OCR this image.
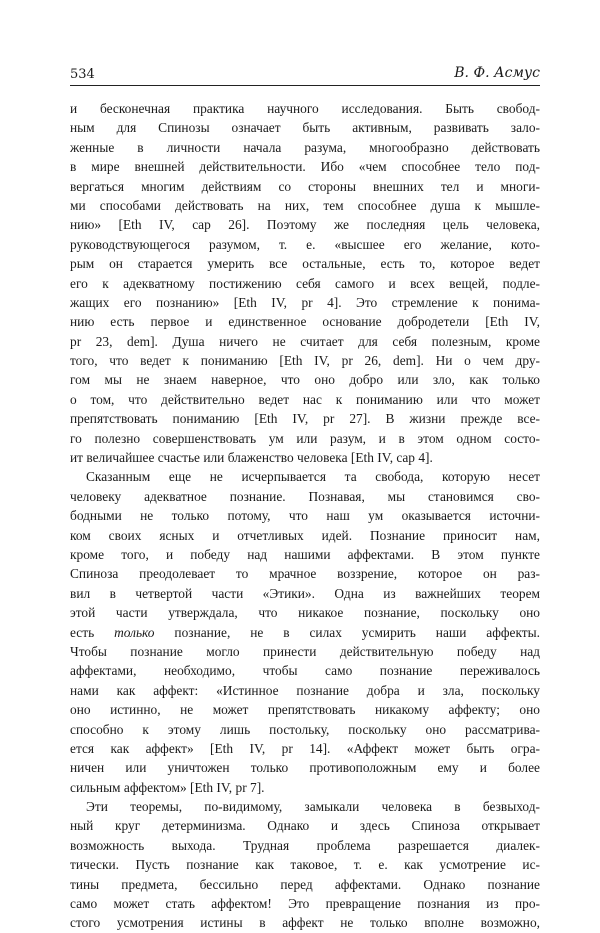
534	В. Ф. Асмус
и бесконечная практика научного исследования. Быть свобод-
ным для Спинозы означает быть активным, развивать зало-
женные в личности начала разума, многообразно действовать
в мире внешней действительности. Ибо «чем способнее тело под-
вергаться многим действиям со стороны внешних тел и многи-
ми способами действовать на них, тем способнее душа к мышле-
нию» [Eth IV, cap 26]. Поэтому же последняя цель человека,
руководствующегося разумом, т. е. «высшее его желание, кото-
рым он старается умерить все остальные, есть то, которое ведет
его к адекватному постижению себя самого и всех вещей, подле-
жащих его познанию» [Eth IV, pr 4]. Это стремление к понима-
нию есть первое и единственное основание добродетели [Eth IV,
pr 23, dem]. Душа ничего не считает для себя полезным, кроме
того, что ведет к пониманию [Eth IV, pr 26, dem]. Ни о чем дру-
гом мы не знаем наверное, что оно добро или зло, как только
о том, что действительно ведет нас к пониманию или что может
препятствовать пониманию [Eth IV, pr 27]. В жизни прежде все-
го полезно совершенствовать ум или разум, и в этом одном состо-
ит величайшее счастье или блаженство человека [Eth IV, cap 4].
Сказанным еще не исчерпывается та свобода, которую несет
человеку адекватное познание. Познавая, мы становимся сво-
бодными не только потому, что наш ум оказывается источни-
ком своих ясных и отчетливых идей. Познание приносит нам,
кроме того, и победу над нашими аффектами. В этом пункте
Спиноза преодолевает то мрачное воззрение, которое он раз-
вил в четвертой части «Этики». Одна из важнейших теорем
этой части утверждала, что никакое познание, поскольку оно
есть только познание, не в силах усмирить наши аффекты.
Чтобы познание могло принести действительную победу над
аффектами, необходимо, чтобы само познание переживалось
нами как аффект: «Истинное познание добра и зла, поскольку
оно истинно, не может препятствовать никакому аффекту; оно
способно к этому лишь постольку, поскольку оно рассматрива-
ется как аффект» [Eth IV, pr 14]. «Аффект может быть огра-
ничен или уничтожен только противоположным ему и более
сильным аффектом» [Eth IV, pr 7].
Эти теоремы, по-видимому, замыкали человека в безвыход-
ный круг детерминизма. Однако и здесь Спиноза открывает
возможность выхода. Трудная проблема разрешается диалек-
тически. Пусть познание как таковое, т. е. как усмотрение ис-
тины предмета, бессильно перед аффектами. Однако познание
само может стать аффектом! Это превращение познания из про-
стого усмотрения истины в аффект не только вполне возможно,
